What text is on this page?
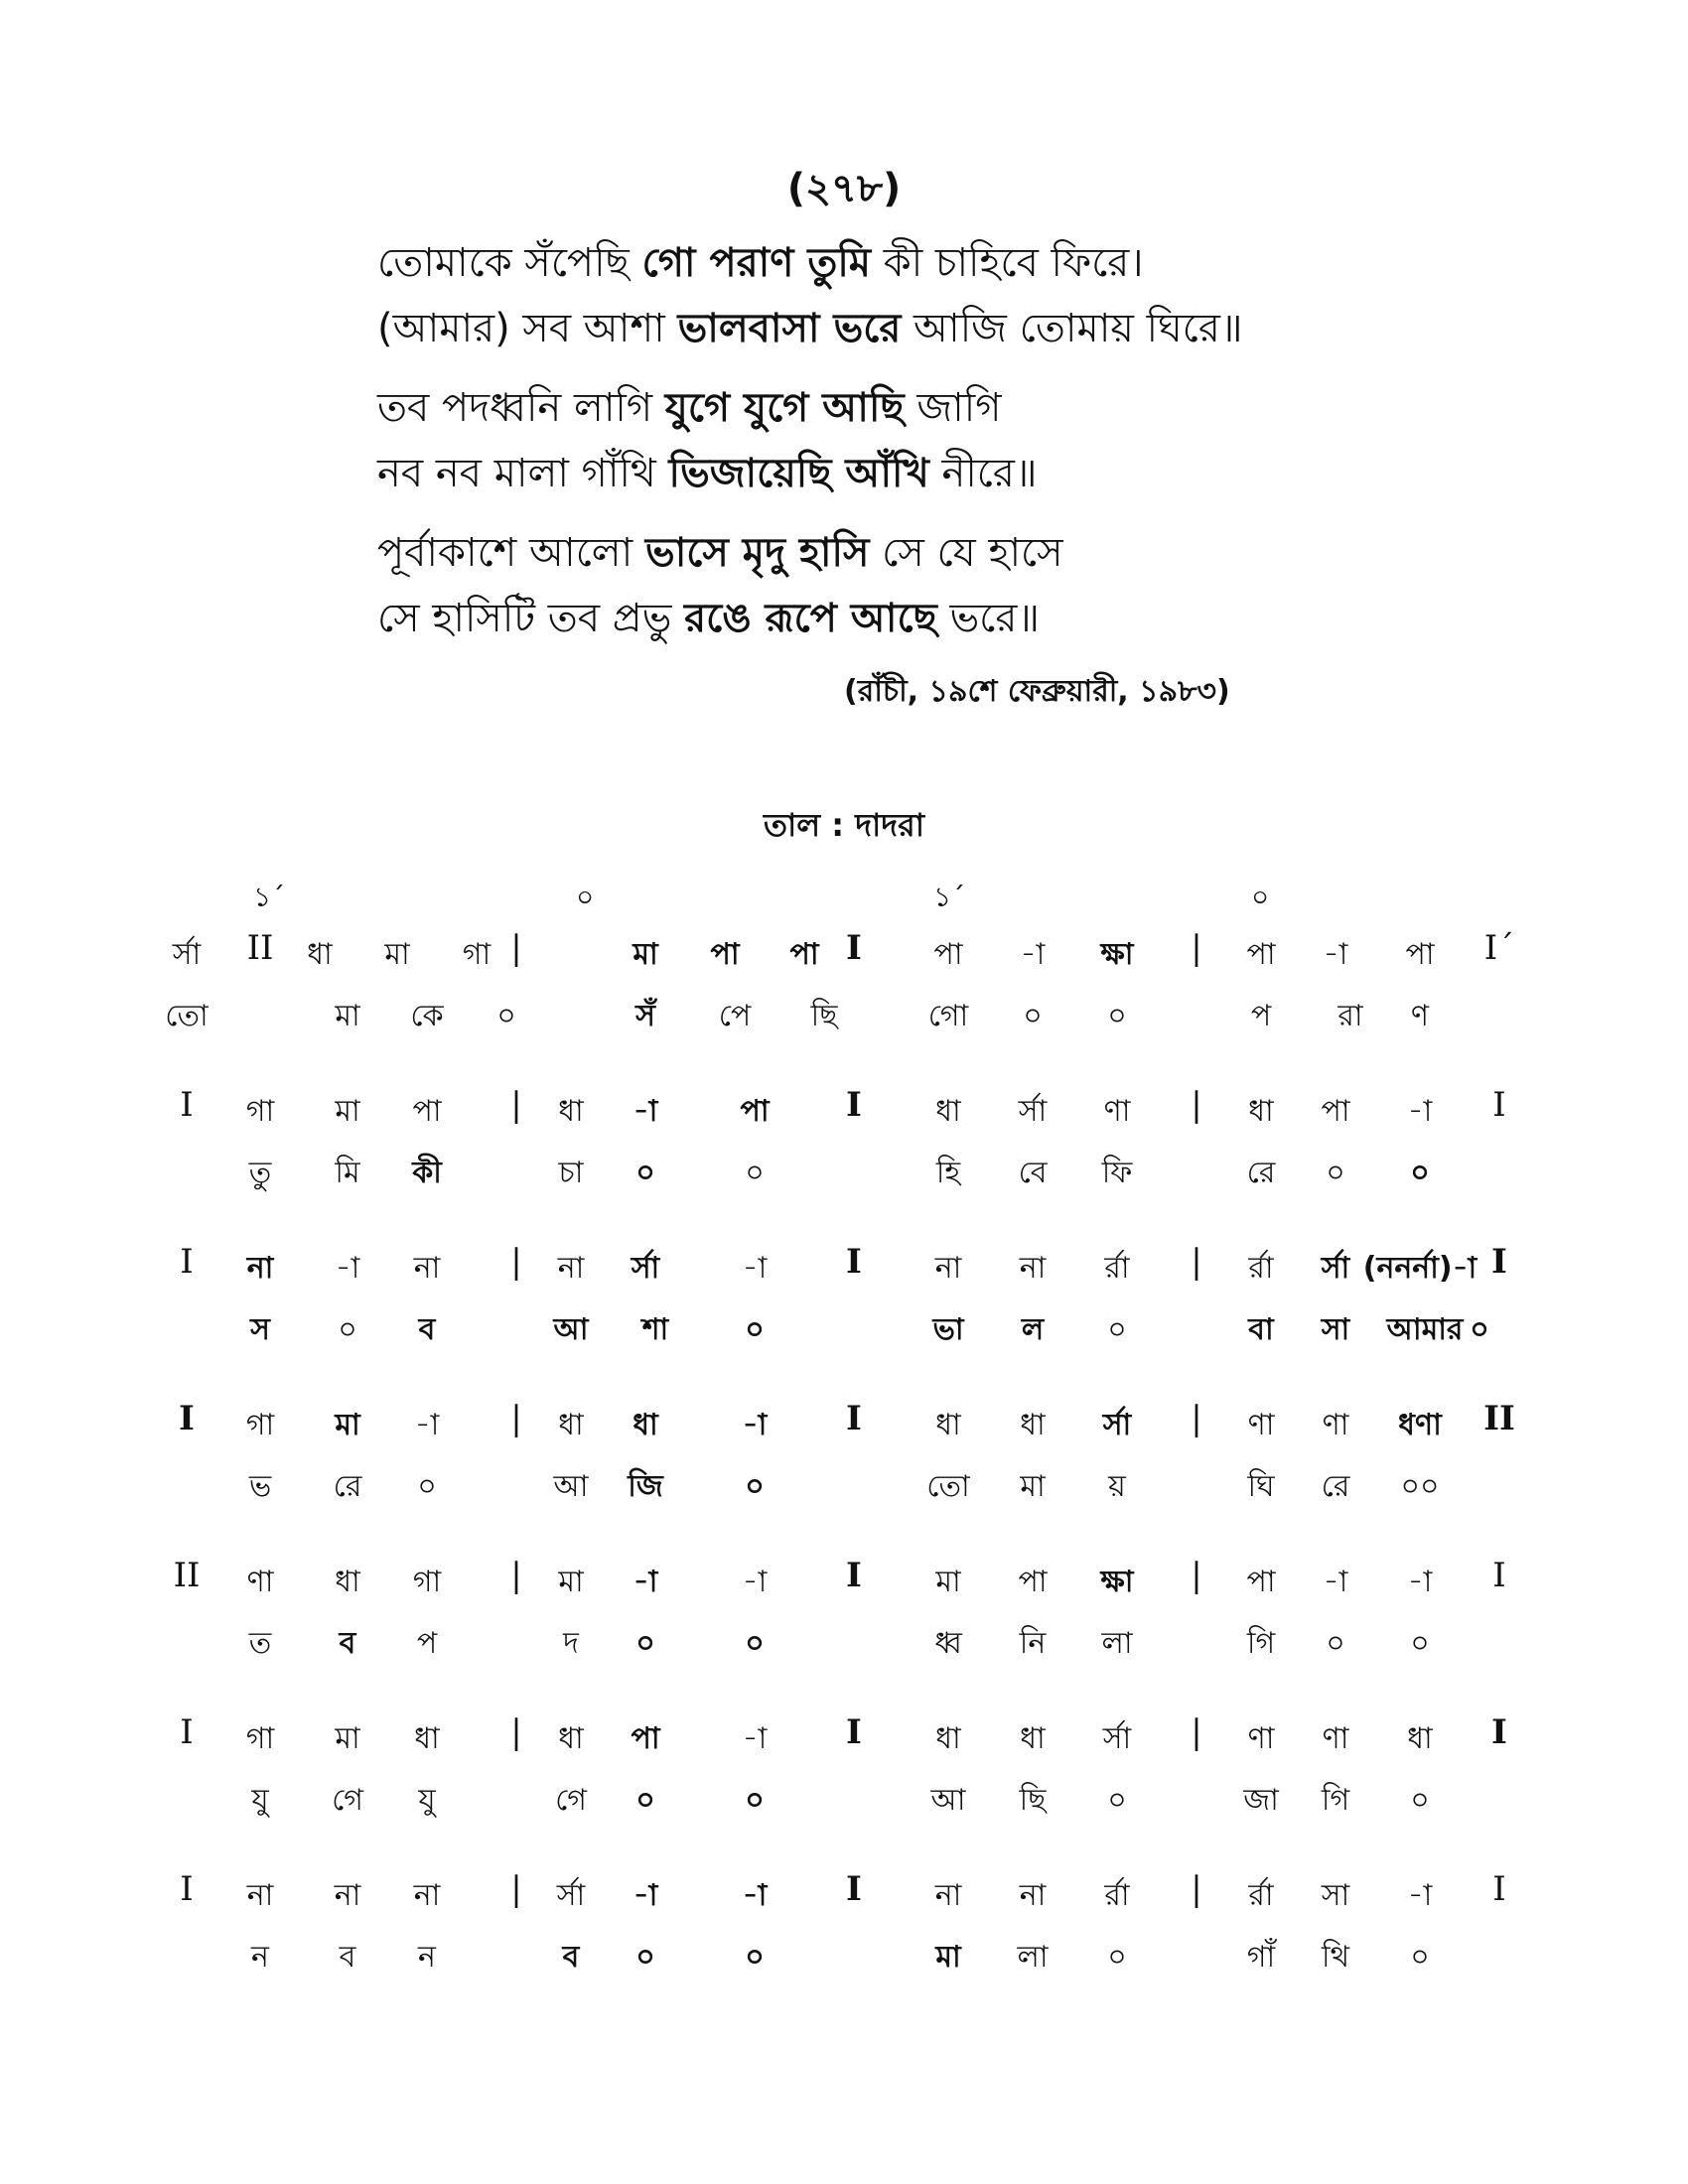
(২৭৮)
তোমাকে সঁপেছি গো পরাণ তুমি কী চাহিবে ফিরে।
(আমার) সব আশা ভালবাসা ভরে আজি তোমায় ঘিরে॥
তব পদধ্বনি লাগি যুগে যুগে আছি জাগি
নব নব মালা গাঁথি ভিজায়েছি আঁখি নীরে॥
পূর্বাকাশে আলো ভাসে মৃদু হাসি সে যে হাসে
সে হাসিটি তব প্রভু রঙে রূপে আছে ভরে॥
(রাঁচী, ১৯শে ফেব্রুয়ারী, ১৯৮৩)
তাল : দাদরা
১´	০	১´	০
র্সা II ধা মা গা |	মা পা পা I পা -া ক্ষা | পা -া পা I´
তো	মা কে ০	সঁ পে ছি	গো ০ ০	প রা ণ
I গা মা পা | ধা -া	পা I ধা র্সা ণা | ধা পা -া I
তু মি কী	চা ০	০	হি বে ফি	রে ০ ০
I না -া না | না র্সা	-া I না না র্রা | র্রা র্সা (ননর্না)-া I
স ০ ব	আ শা	০	ভা ল ০	বা সা আমার ০
I গা মা -া | ধা ধা	-া I ধা ধা র্সা | ণা ণা ধণা II
ভ রে ০	আ জি	০	তো মা য়	ঘি রে ০০
II ণা ধা গা | মা -া	-া I মা পা ক্ষা | পা -া -া I
ত ব প	দ ০	০	ধ্ব নি লা	গি ০ ০
I গা মা ধা | ধা পা	-া I ধা ধা র্সা | ণা ণা ধা I
যু গে যু	গে ০	০	আ ছি ০	জা গি ০
I না না না | র্সা -া	-া I না না র্রা | র্রা সা -া I
ন ব ন	ব ০	০	মা লা ০	গাঁ থি ০
